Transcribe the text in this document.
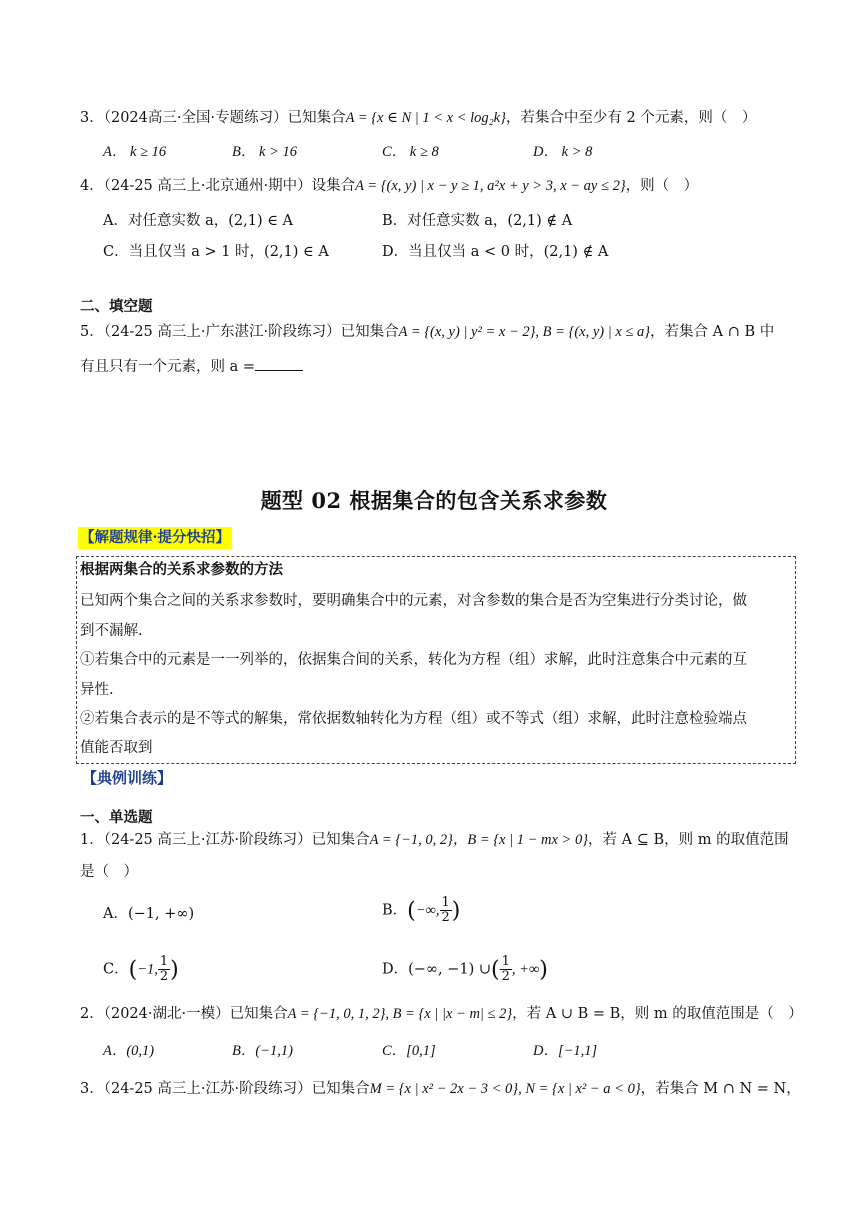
3．（2024高三·全国·专题练习）已知集合A = {x ∈ N | 1 < x < log₂k}，若集合中至少有 2 个元素，则（　）
A． k ≥ 16	B． k > 16	C． k ≥ 8	D． k > 8
4．（24-25 高三上·北京通州·期中）设集合A = {(x, y) | x − y ≥ 1, a²x + y > 3, x − ay ≤ 2}，则（　）
A．对任意实数 a，(2,1) ∈ A	B．对任意实数 a，(2,1) ∉ A
C．当且仅当 a > 1 时，(2,1) ∈ A	D．当且仅当 a < 0 时，(2,1) ∉ A
二、填空题
5．（24-25 高三上·广东湛江·阶段练习）已知集合A = {(x, y) | y² = x − 2}, B = {(x, y) | x ≤ a}，若集合 A ∩ B 中
有且只有一个元素，则 a =
题型 02 根据集合的包含关系求参数
【解题规律·提分快招】
根据两集合的关系求参数的方法
已知两个集合之间的关系求参数时，要明确集合中的元素，对含参数的集合是否为空集进行分类讨论，做
到不漏解.
①若集合中的元素是一一列举的，依据集合间的关系，转化为方程（组）求解，此时注意集合中元素的互
异性.
②若集合表示的是不等式的解集，常依据数轴转化为方程（组）或不等式（组）求解，此时注意检验端点
值能否取到
【典例训练】
一、单选题
1．（24-25 高三上·江苏·阶段练习）已知集合A = {−1, 0, 2}，B = {x | 1 − mx > 0}，若 A ⊆ B，则 m 的取值范围
是（　）
A．(−1, +∞)	B．(−∞, $\frac{1}{2}$ )
C．(−1, $\frac{1}{2}$ )	D．(−∞, −1) ∪( $\frac{1}{2}$ , +∞)
2．（2024·湖北·一模）已知集合A = {−1, 0, 1, 2}, B = {x | |x − m| ≤ 2}，若 A ∪ B = B，则 m 的取值范围是（　）
A．(0,1)	B．(−1,1)	C．[0,1]	D．[−1,1]
3．（24-25 高三上·江苏·阶段练习）已知集合M = {x | x² − 2x − 3 < 0}, N = {x | x² − a < 0}，若集合 M ∩ N = N，
